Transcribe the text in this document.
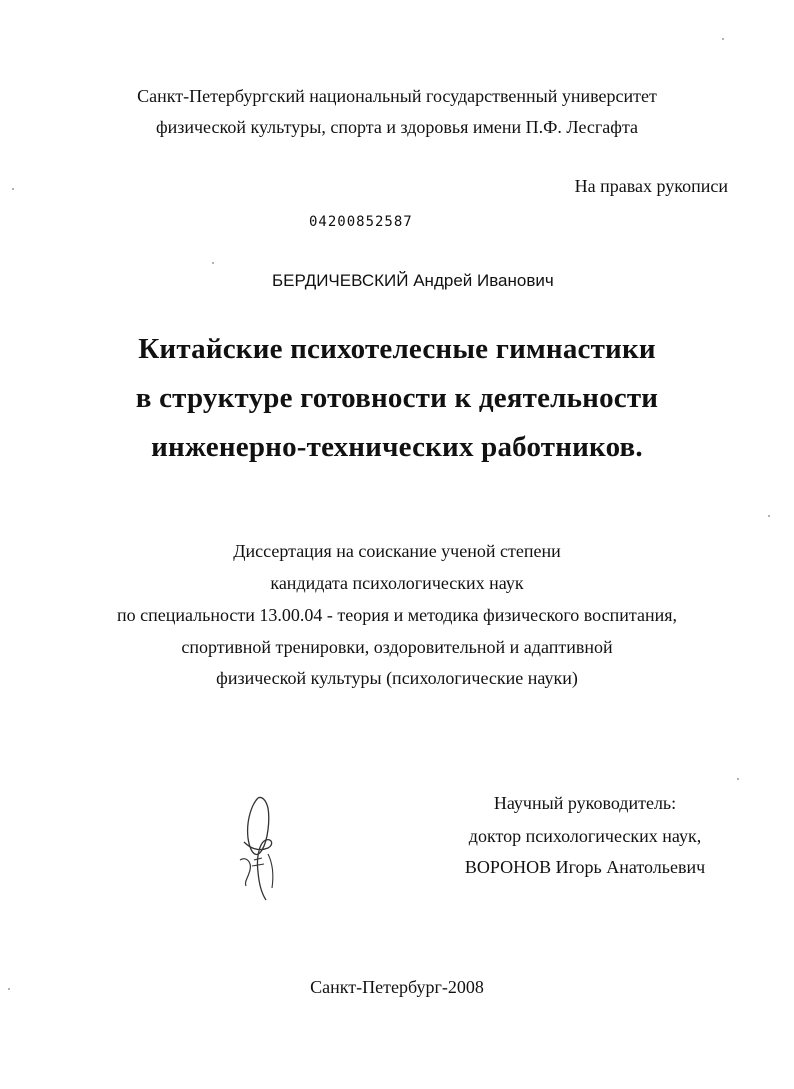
Санкт-Петербургский национальный государственный университет
физической культуры, спорта и здоровья имени П.Ф. Лесгафта
На правах рукописи
04200852587
БЕРДИЧЕВСКИЙ Андрей Иванович
Китайские психотелесные гимнастики
в структуре готовности к деятельности
инженерно-технических работников.
Диссертация на соискание ученой степени
кандидата психологических наук
по специальности 13.00.04 - теория и методика физического воспитания,
спортивной тренировки, оздоровительной и адаптивной
физической культуры (психологические науки)
Научный руководитель:
доктор психологических наук,
ВОРОНОВ Игорь Анатольевич
Санкт-Петербург-2008
